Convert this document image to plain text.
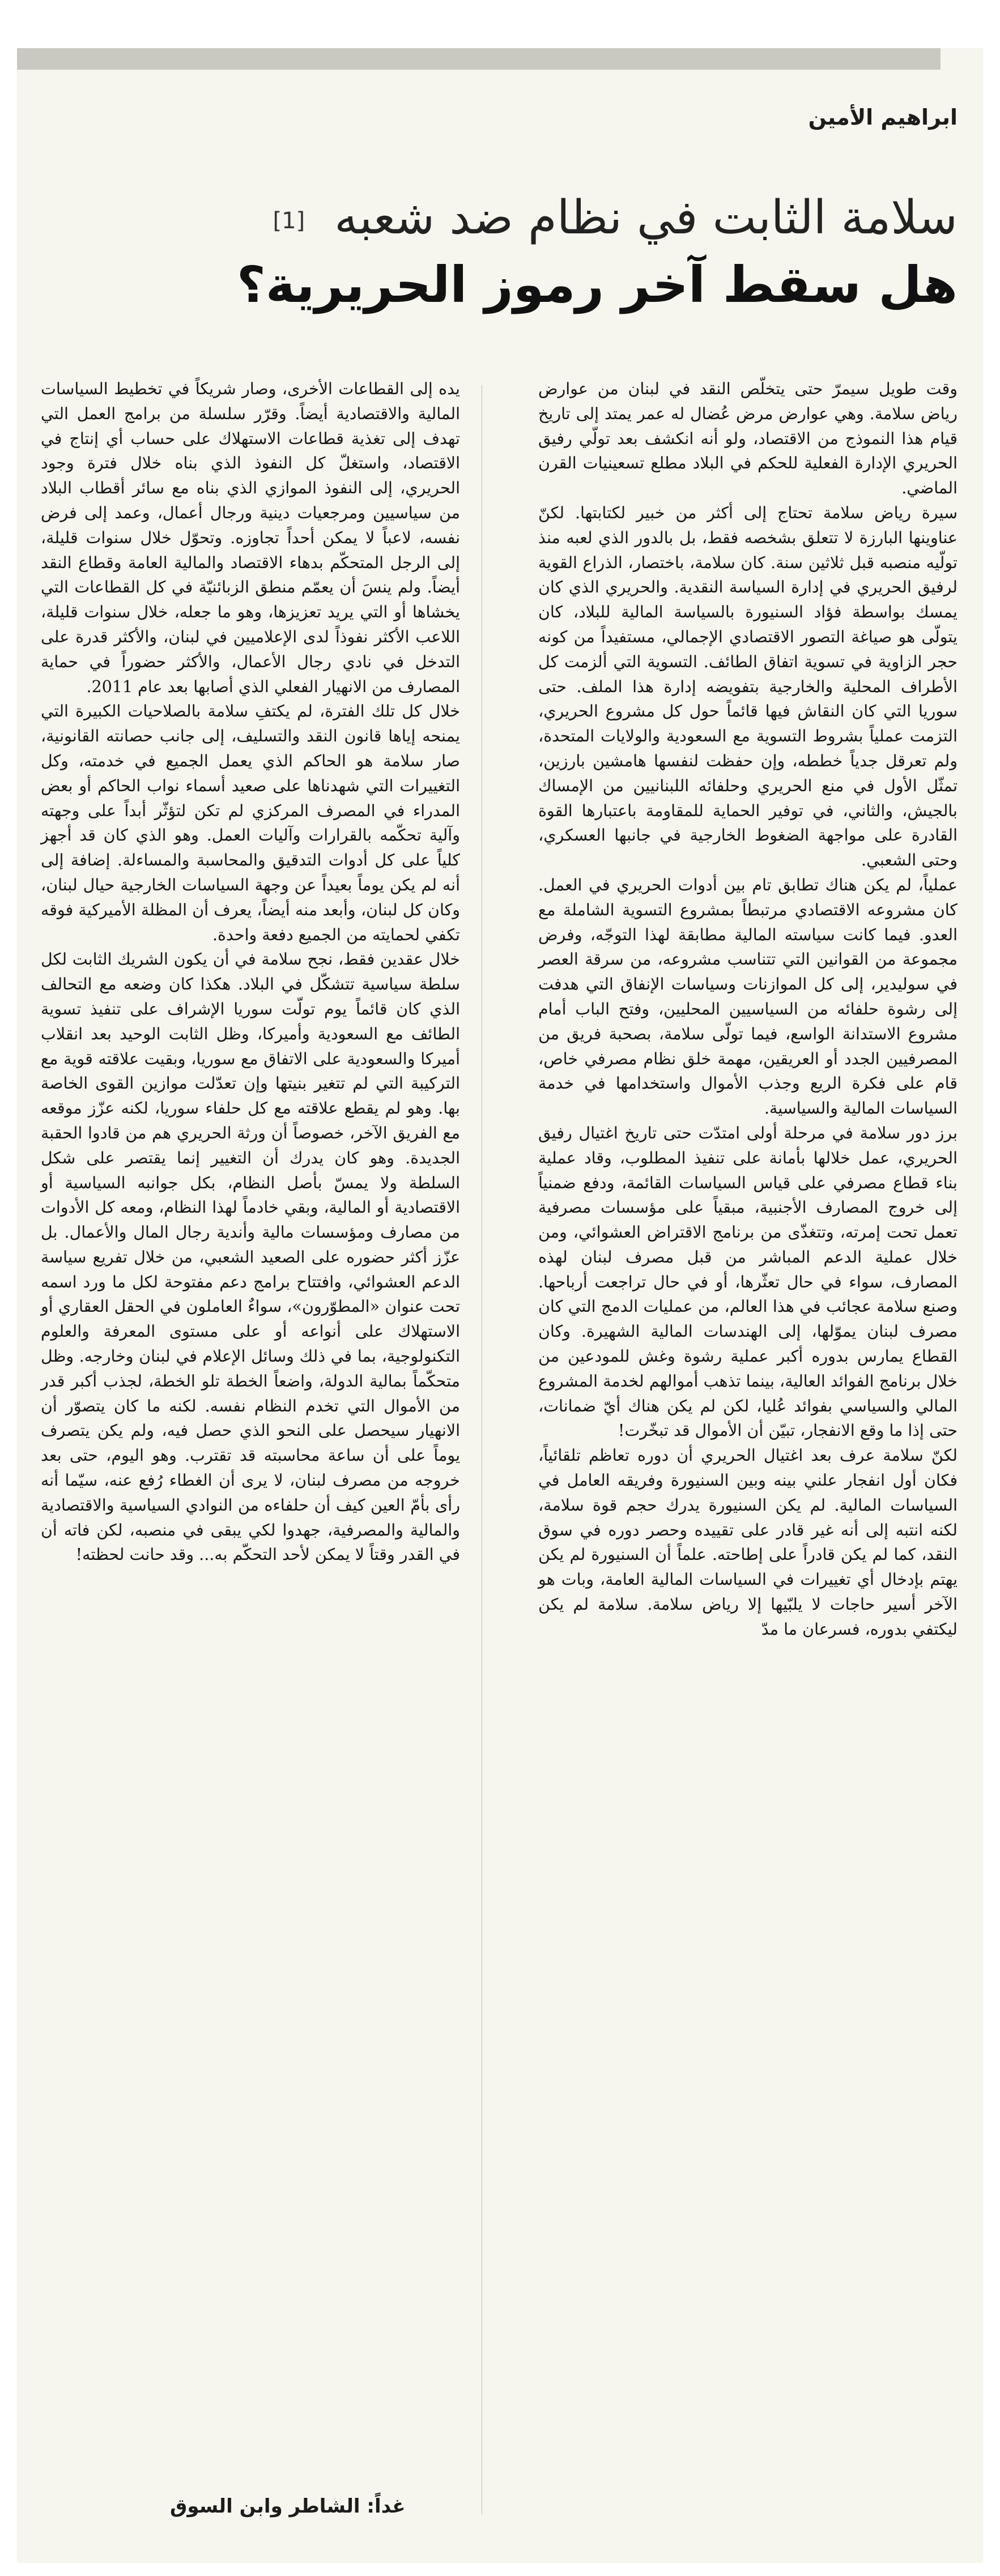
ابراهيم الأمين
سلامة الثابت في نظام ضد شعبه [1]
هل سقط آخر رموز الحريرية؟
وقت طويل سيمرّ حتى يتخلّص النقد في لبنان من عوارض رياض سلامة. وهي عوارض مرض عُضال له عمر يمتد إلى تاريخ قيام هذا النموذج من الاقتصاد، ولو أنه انكشف بعد تولّي رفيق الحريري الإدارة الفعلية للحكم في البلاد مطلع تسعينيات القرن الماضي.
سيرة رياض سلامة تحتاج إلى أكثر من خبير لكتابتها. لكنّ عناوينها البارزة لا تتعلق بشخصه فقط، بل بالدور الذي لعبه منذ تولّيه منصبه قبل ثلاثين سنة. كان سلامة، باختصار، الذراع القوية لرفيق الحريري في إدارة السياسة النقدية. والحريري الذي كان يمسك بواسطة فؤاد السنيورة بالسياسة المالية للبلاد، كان يتولّى هو صياغة التصور الاقتصادي الإجمالي، مستفيداً من كونه حجر الزاوية في تسوية اتفاق الطائف. التسوية التي ألزمت كل الأطراف المحلية والخارجية بتفويضه إدارة هذا الملف. حتى سوريا التي كان النقاش فيها قائماً حول كل مشروع الحريري، التزمت عملياً بشروط التسوية مع السعودية والولايات المتحدة، ولم تعرقل جدياً خططه، وإن حفظت لنفسها هامشين بارزين، تمثّل الأول في منع الحريري وحلفائه اللبنانيين من الإمساك بالجيش، والثاني، في توفير الحماية للمقاومة باعتبارها القوة القادرة على مواجهة الضغوط الخارجية في جانبها العسكري، وحتى الشعبي.
عملياً، لم يكن هناك تطابق تام بين أدوات الحريري في العمل. كان مشروعه الاقتصادي مرتبطاً بمشروع التسوية الشاملة مع العدو. فيما كانت سياسته المالية مطابقة لهذا التوجّه، وفرض مجموعة من القوانين التي تتناسب مشروعه، من سرقة العصر في سوليدير، إلى كل الموازنات وسياسات الإنفاق التي هدفت إلى رشوة حلفائه من السياسيين المحليين، وفتح الباب أمام مشروع الاستدانة الواسع، فيما تولّى سلامة، بصحبة فريق من المصرفيين الجدد أو العريقين، مهمة خلق نظام مصرفي خاص، قام على فكرة الريع وجذب الأموال واستخدامها في خدمة السياسات المالية والسياسية.
برز دور سلامة في مرحلة أولى امتدّت حتى تاريخ اغتيال رفيق الحريري، عمل خلالها بأمانة على تنفيذ المطلوب، وقاد عملية بناء قطاع مصرفي على قياس السياسات القائمة، ودفع ضمنياً إلى خروج المصارف الأجنبية، مبقياً على مؤسسات مصرفية تعمل تحت إمرته، وتتغذّى من برنامج الاقتراض العشوائي، ومن خلال عملية الدعم المباشر من قبل مصرف لبنان لهذه المصارف، سواء في حال تعثّرها، أو في حال تراجعت أرباحها. وصنع سلامة عجائب في هذا العالم، من عمليات الدمج التي كان مصرف لبنان يموّلها، إلى الهندسات المالية الشهيرة. وكان القطاع يمارس بدوره أكبر عملية رشوة وغش للمودعين من خلال برنامج الفوائد العالية، بينما تذهب أموالهم لخدمة المشروع المالي والسياسي بفوائد عُليا، لكن لم يكن هناك أيّ ضمانات، حتى إذا ما وقع الانفجار، تبيّن أن الأموال قد تبخّرت!
لكنّ سلامة عرف بعد اغتيال الحريري أن دوره تعاظم تلقائياً، فكان أول انفجار علني بينه وبين السنيورة وفريقه العامل في السياسات المالية. لم يكن السنيورة يدرك حجم قوة سلامة، لكنه انتبه إلى أنه غير قادر على تقييده وحصر دوره في سوق النقد، كما لم يكن قادراً على إطاحته. علماً أن السنيورة لم يكن يهتم بإدخال أي تغييرات في السياسات المالية العامة، وبات هو الآخر أسير حاجات لا يلبّيها إلا رياض سلامة. سلامة لم يكن ليكتفي بدوره، فسرعان ما مدّ
يده إلى القطاعات الأخرى، وصار شريكاً في تخطيط السياسات المالية والاقتصادية أيضاً. وقرّر سلسلة من برامج العمل التي تهدف إلى تغذية قطاعات الاستهلاك على حساب أي إنتاج في الاقتصاد، واستغلّ كل النفوذ الذي بناه خلال فترة وجود الحريري، إلى النفوذ الموازي الذي بناه مع سائر أقطاب البلاد من سياسيين ومرجعيات دينية ورجال أعمال، وعمد إلى فرض نفسه، لاعباً لا يمكن أحداً تجاوزه. وتحوّل خلال سنوات قليلة، إلى الرجل المتحكّم بدهاء الاقتصاد والمالية العامة وقطاع النقد أيضاً. ولم ينسَ أن يعمّم منطق الزبائنيّة في كل القطاعات التي يخشاها أو التي يريد تعزيزها، وهو ما جعله، خلال سنوات قليلة، اللاعب الأكثر نفوذاً لدى الإعلاميين في لبنان، والأكثر قدرة على التدخل في نادي رجال الأعمال، والأكثر حضوراً في حماية المصارف من الانهيار الفعلي الذي أصابها بعد عام 2011.
خلال كل تلك الفترة، لم يكتفِ سلامة بالصلاحيات الكبيرة التي يمنحه إياها قانون النقد والتسليف، إلى جانب حصانته القانونية، صار سلامة هو الحاكم الذي يعمل الجميع في خدمته، وكل التغييرات التي شهدناها على صعيد أسماء نواب الحاكم أو بعض المدراء في المصرف المركزي لم تكن لتؤثّر أبداً على وجهته وآلية تحكّمه بالقرارات وآليات العمل. وهو الذي كان قد أجهز كلياً على كل أدوات التدقيق والمحاسبة والمساءلة. إضافة إلى أنه لم يكن يوماً بعيداً عن وجهة السياسات الخارجية حيال لبنان، وكان كل لبنان، وأبعد منه أيضاً، يعرف أن المظلة الأميركية فوقه تكفي لحمايته من الجميع دفعة واحدة.
خلال عقدين فقط، نجح سلامة في أن يكون الشريك الثابت لكل سلطة سياسية تتشكّل في البلاد. هكذا كان وضعه مع التحالف الذي كان قائماً يوم تولّت سوريا الإشراف على تنفيذ تسوية الطائف مع السعودية وأميركا، وظل الثابت الوحيد بعد انقلاب أميركا والسعودية على الاتفاق مع سوريا، وبقيت علاقته قوية مع التركيبة التي لم تتغير بنيتها وإن تعدّلت موازين القوى الخاصة بها. وهو لم يقطع علاقته مع كل حلفاء سوريا، لكنه عزّز موقعه مع الفريق الآخر، خصوصاً أن ورثة الحريري هم من قادوا الحقبة الجديدة. وهو كان يدرك أن التغيير إنما يقتصر على شكل السلطة ولا يمسّ بأصل النظام، بكل جوانبه السياسية أو الاقتصادية أو المالية، وبقي خادماً لهذا النظام، ومعه كل الأدوات من مصارف ومؤسسات مالية وأندية رجال المال والأعمال. بل عزّز أكثر حضوره على الصعيد الشعبي، من خلال تفريع سياسة الدعم العشوائي، وافتتاح برامج دعم مفتوحة لكل ما ورد اسمه تحت عنوان «المطوّرون»، سواءٌ العاملون في الحقل العقاري أو الاستهلاك على أنواعه أو على مستوى المعرفة والعلوم التكنولوجية، بما في ذلك وسائل الإعلام في لبنان وخارجه. وظل متحكّماً بمالية الدولة، واضعاً الخطة تلو الخطة، لجذب أكبر قدر من الأموال التي تخدم النظام نفسه. لكنه ما كان يتصوّر أن الانهيار سيحصل على النحو الذي حصل فيه، ولم يكن يتصرف يوماً على أن ساعة محاسبته قد تقترب. وهو اليوم، حتى بعد خروجه من مصرف لبنان، لا يرى أن الغطاء رُفع عنه، سيّما أنه رأى بأمّ العين كيف أن حلفاءه من النوادي السياسية والاقتصادية والمالية والمصرفية، جهدوا لكي يبقى في منصبه، لكن فاته أن في القدر وقتاً لا يمكن لأحد التحكّم به... وقد حانت لحظته!
غداً: الشاطر وابن السوق
